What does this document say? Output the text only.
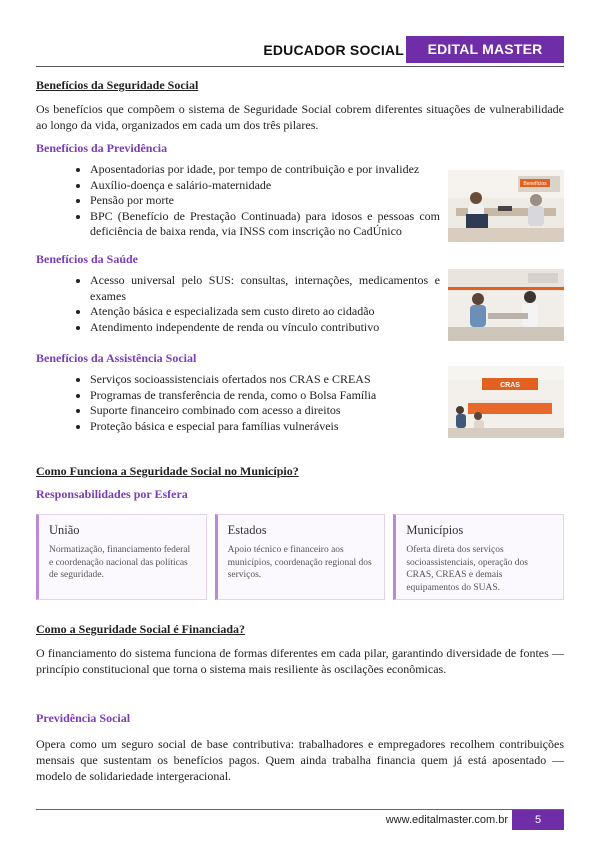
EDUCADOR SOCIAL	EDITAL MASTER

Benefícios da Seguridade Social

Os benefícios que compõem o sistema de Seguridade Social cobrem diferentes situações de vulnerabilidade ao longo da vida, organizados em cada um dos três pilares.

Benefícios da Previdência

• Aposentadorias por idade, por tempo de contribuição e por invalidez
• Auxílio-doença e salário-maternidade
• Pensão por morte
• BPC (Benefício de Prestação Continuada) para idosos e pessoas com deficiência de baixa renda, via INSS com inscrição no CadÚnico
Benefícios

Benefícios da Saúde

• Acesso universal pelo SUS: consultas, internações, medicamentos e exames
• Atenção básica e especializada sem custo direto ao cidadão
• Atendimento independente de renda ou vínculo contributivo

Benefícios da Assistência Social

• Serviços socioassistenciais ofertados nos CRAS e CREAS
• Programas de transferência de renda, como o Bolsa Família
• Suporte financeiro combinado com acesso a direitos
• Proteção básica e especial para famílias vulneráveis
CRAS

Como Funciona a Seguridade Social no Município?

Responsabilidades por Esfera

União

Normatização, financiamento federal e coordenação nacional das políticas de seguridade.

Estados

Apoio técnico e financeiro aos municípios, coordenação regional dos serviços.

Municípios

Oferta direta dos serviços socioassistenciais, operação dos CRAS, CREAS e demais equipamentos do SUAS.

Como a Seguridade Social é Financiada?

O financiamento do sistema funciona de formas diferentes em cada pilar, garantindo diversidade de fontes — princípio constitucional que torna o sistema mais resiliente às oscilações econômicas.

Previdência Social

Opera como um seguro social de base contributiva: trabalhadores e empregadores recolhem contribuições mensais que sustentam os benefícios pagos. Quem ainda trabalha financia quem já está aposentado — modelo de solidariedade intergeracional.

www.editalmaster.com.br	5
